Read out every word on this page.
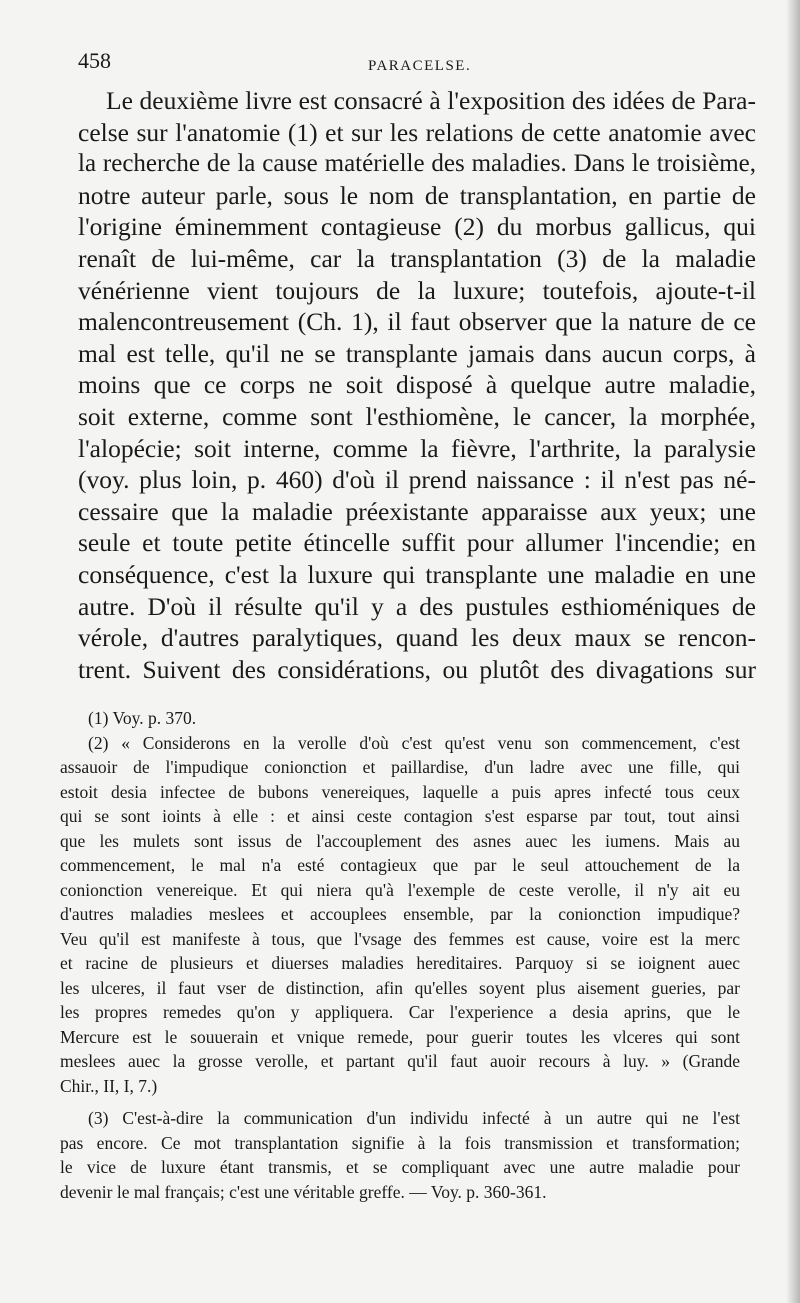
458	PARACELSE.
Le deuxième livre est consacré à l'exposition des idées de Para-
celse sur l'anatomie (1) et sur les relations de cette anatomie avec
la recherche de la cause matérielle des maladies. Dans le troisième,
notre auteur parle, sous le nom de transplantation, en partie de
l'origine éminemment contagieuse (2) du morbus gallicus, qui
renaît de lui-même, car la transplantation (3) de la maladie
vénérienne vient toujours de la luxure; toutefois, ajoute-t-il
malencontreusement (Ch. 1), il faut observer que la nature de ce
mal est telle, qu'il ne se transplante jamais dans aucun corps, à
moins que ce corps ne soit disposé à quelque autre maladie,
soit externe, comme sont l'esthiomène, le cancer, la morphée,
l'alopécie; soit interne, comme la fièvre, l'arthrite, la paralysie
(voy. plus loin, p. 460) d'où il prend naissance : il n'est pas né-
cessaire que la maladie préexistante apparaisse aux yeux; une
seule et toute petite étincelle suffit pour allumer l'incendie; en
conséquence, c'est la luxure qui transplante une maladie en une
autre. D'où il résulte qu'il y a des pustules esthioméniques de
vérole, d'autres paralytiques, quand les deux maux se rencon-
trent. Suivent des considérations, ou plutôt des divagations sur
(1) Voy. p. 370.
(2) « Considerons en la verolle d'où c'est qu'est venu son commencement, c'est
assauoir de l'impudique conionction et paillardise, d'un ladre avec une fille, qui
estoit desia infectee de bubons venereiques, laquelle a puis apres infecté tous ceux
qui se sont ioints à elle : et ainsi ceste contagion s'est esparse par tout, tout ainsi
que les mulets sont issus de l'accouplement des asnes auec les iumens. Mais au
commencement, le mal n'a esté contagieux que par le seul attouchement de la
conionction venereique. Et qui niera qu'à l'exemple de ceste verolle, il n'y ait eu
d'autres maladies meslees et accouplees ensemble, par la conionction impudique?
Veu qu'il est manifeste à tous, que l'vsage des femmes est cause, voire est la merc
et racine de plusieurs et diuerses maladies hereditaires. Parquoy si se ioignent auec
les ulceres, il faut vser de distinction, afin qu'elles soyent plus aisement gueries, par
les propres remedes qu'on y appliquera. Car l'experience a desia aprins, que le
Mercure est le souuerain et vnique remede, pour guerir toutes les vlceres qui sont
meslees auec la grosse verolle, et partant qu'il faut auoir recours à luy. » (Grande
Chir., II, I, 7.)
(3) C'est-à-dire la communication d'un individu infecté à un autre qui ne l'est
pas encore. Ce mot transplantation signifie à la fois transmission et transformation;
le vice de luxure étant transmis, et se compliquant avec une autre maladie pour
devenir le mal français; c'est une véritable greffe. — Voy. p. 360-361.
